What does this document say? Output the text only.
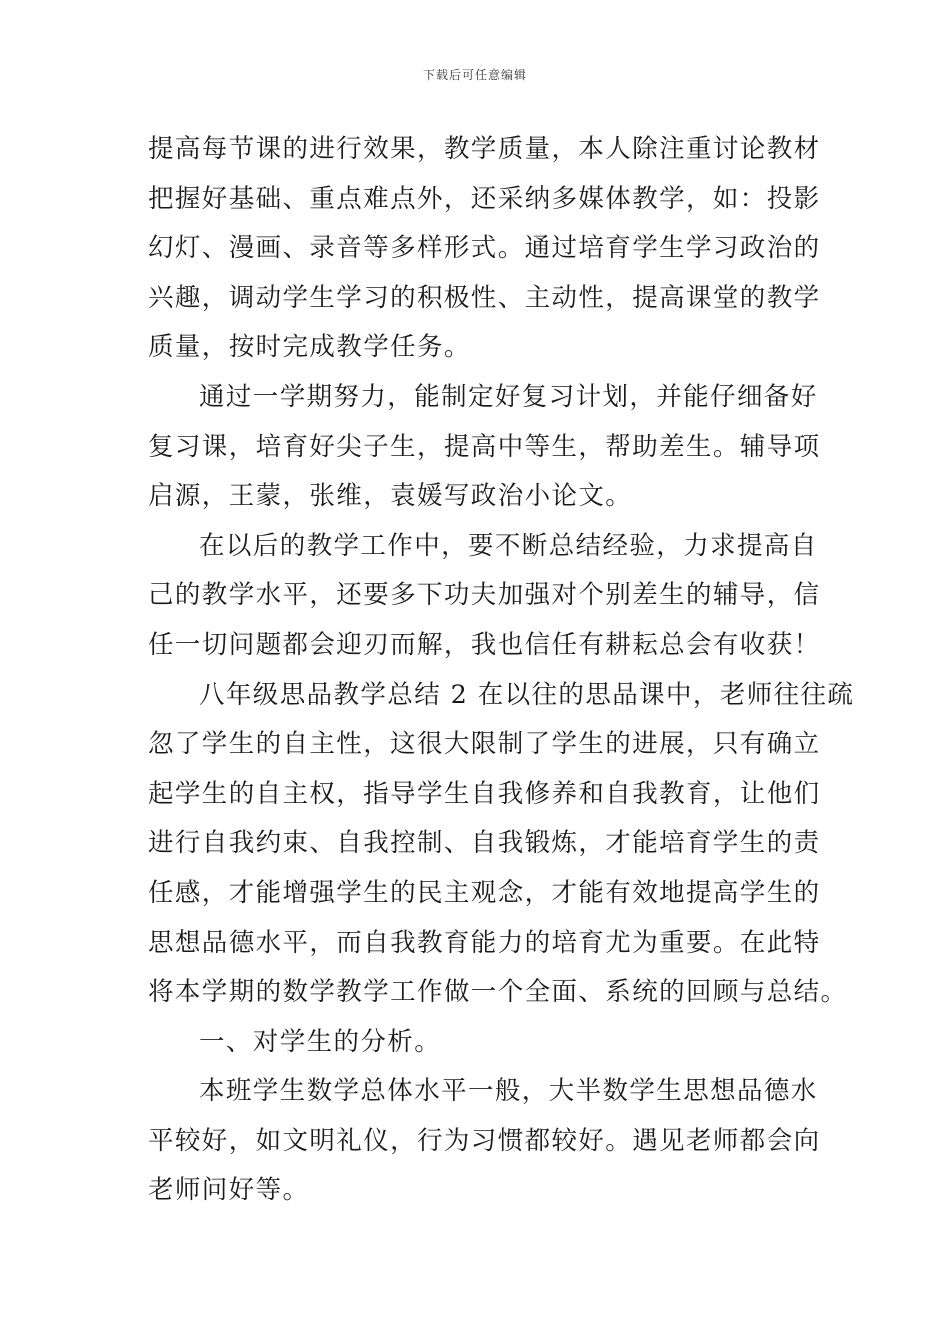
下载后可任意编辑
提高每节课的进行效果，教学质量，本人除注重讨论教材
把握好基础、重点难点外，还采纳多媒体教学，如：投影
幻灯、漫画、录音等多样形式。通过培育学生学习政治的
兴趣，调动学生学习的积极性、主动性，提高课堂的教学
质量，按时完成教学任务。
通过一学期努力，能制定好复习计划，并能仔细备好
复习课，培育好尖子生，提高中等生，帮助差生。辅导项
启源，王蒙，张维，袁媛写政治小论文。
在以后的教学工作中，要不断总结经验，力求提高自
己的教学水平，还要多下功夫加强对个别差生的辅导，信
任一切问题都会迎刃而解，我也信任有耕耘总会有收获！
八年级思品教学总结 2 在以往的思品课中，老师往往疏
忽了学生的自主性，这很大限制了学生的进展，只有确立
起学生的自主权，指导学生自我修养和自我教育，让他们
进行自我约束、自我控制、自我锻炼，才能培育学生的责
任感，才能增强学生的民主观念，才能有效地提高学生的
思想品德水平，而自我教育能力的培育尤为重要。在此特
将本学期的数学教学工作做一个全面、系统的回顾与总结。
一、对学生的分析。
本班学生数学总体水平一般，大半数学生思想品德水
平较好，如文明礼仪，行为习惯都较好。遇见老师都会向
老师问好等。
